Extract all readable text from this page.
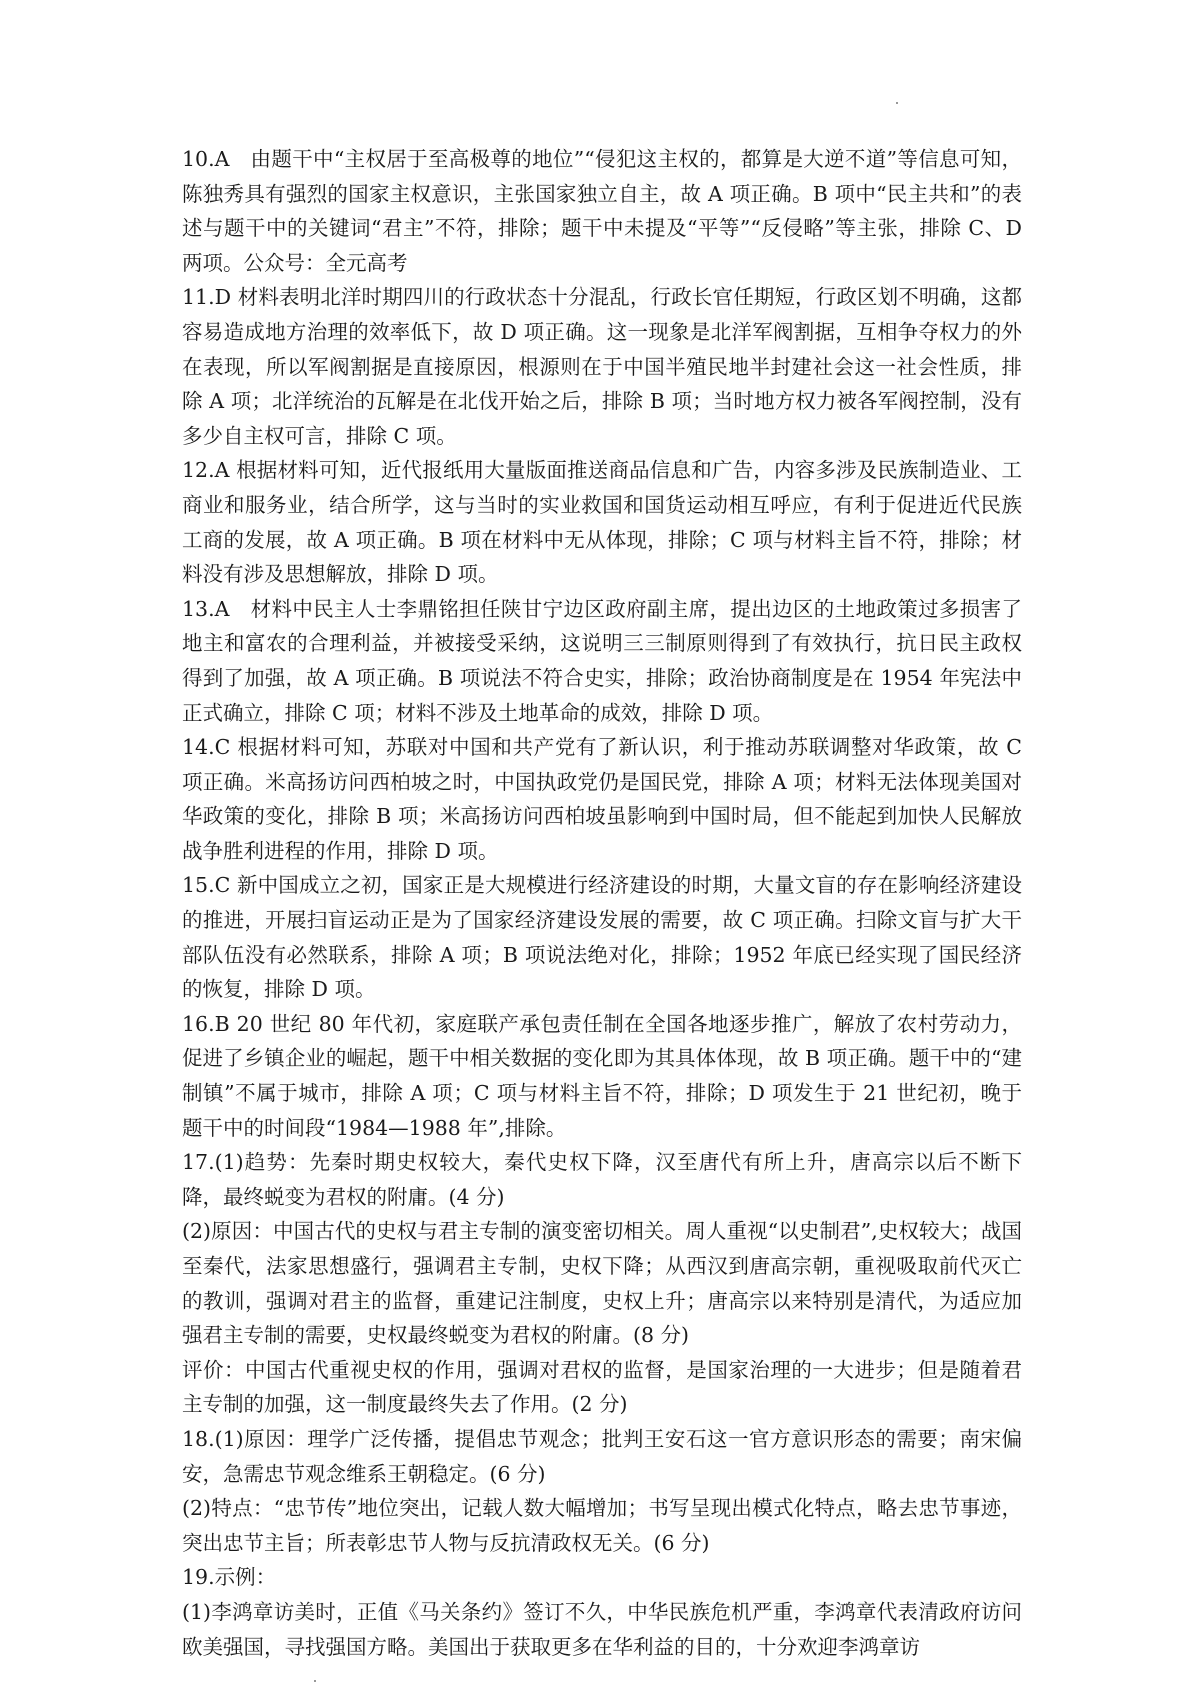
10.A　由题干中“主权居于至高极尊的地位”“侵犯这主权的，都算是大逆不道”等信息可知，陈独秀具有强烈的国家主权意识，主张国家独立自主，故 A 项正确。B 项中“民主共和”的表述与题干中的关键词“君主”不符，排除；题干中未提及“平等”“反侵略”等主张，排除 C、D 两项。公众号：全元高考

11.D 材料表明北洋时期四川的行政状态十分混乱，行政长官任期短，行政区划不明确，这都容易造成地方治理的效率低下，故 D 项正确。这一现象是北洋军阀割据，互相争夺权力的外在表现，所以军阀割据是直接原因，根源则在于中国半殖民地半封建社会这一社会性质，排除 A 项；北洋统治的瓦解是在北伐开始之后，排除 B 项；当时地方权力被各军阀控制，没有多少自主权可言，排除 C 项。

12.A 根据材料可知，近代报纸用大量版面推送商品信息和广告，内容多涉及民族制造业、工商业和服务业，结合所学，这与当时的实业救国和国货运动相互呼应，有利于促进近代民族工商的发展，故 A 项正确。B 项在材料中无从体现，排除；C 项与材料主旨不符，排除；材料没有涉及思想解放，排除 D 项。

13.A　材料中民主人士李鼎铭担任陕甘宁边区政府副主席，提出边区的土地政策过多损害了地主和富农的合理利益，并被接受采纳，这说明三三制原则得到了有效执行，抗日民主政权得到了加强，故 A 项正确。B 项说法不符合史实，排除；政治协商制度是在 1954 年宪法中正式确立，排除 C 项；材料不涉及土地革命的成效，排除 D 项。

14.C 根据材料可知，苏联对中国和共产党有了新认识，利于推动苏联调整对华政策，故 C 项正确。米高扬访问西柏坡之时，中国执政党仍是国民党，排除 A 项；材料无法体现美国对华政策的变化，排除 B 项；米高扬访问西柏坡虽影响到中国时局，但不能起到加快人民解放战争胜利进程的作用，排除 D 项。

15.C 新中国成立之初，国家正是大规模进行经济建设的时期，大量文盲的存在影响经济建设的推进，开展扫盲运动正是为了国家经济建设发展的需要，故 C 项正确。扫除文盲与扩大干部队伍没有必然联系，排除 A 项；B 项说法绝对化，排除；1952 年底已经实现了国民经济的恢复，排除 D 项。

16.B 20 世纪 80 年代初，家庭联产承包责任制在全国各地逐步推广，解放了农村劳动力，促进了乡镇企业的崛起，题干中相关数据的变化即为其具体体现，故 B 项正确。题干中的“建制镇”不属于城市，排除 A 项；C 项与材料主旨不符，排除；D 项发生于 21 世纪初，晚于题干中的时间段“1984—1988 年”,排除。

17.(1)趋势：先秦时期史权较大，秦代史权下降，汉至唐代有所上升，唐高宗以后不断下降，最终蜕变为君权的附庸。(4 分)

(2)原因：中国古代的史权与君主专制的演变密切相关。周人重视“以史制君”,史权较大；战国至秦代，法家思想盛行，强调君主专制，史权下降；从西汉到唐高宗朝，重视吸取前代灭亡的教训，强调对君主的监督，重建记注制度，史权上升；唐高宗以来特别是清代，为适应加强君主专制的需要，史权最终蜕变为君权的附庸。(8 分)

评价：中国古代重视史权的作用，强调对君权的监督，是国家治理的一大进步；但是随着君主专制的加强，这一制度最终失去了作用。(2 分)

18.(1)原因：理学广泛传播，提倡忠节观念；批判王安石这一官方意识形态的需要；南宋偏安，急需忠节观念维系王朝稳定。(6 分)

(2)特点：“忠节传”地位突出，记载人数大幅增加；书写呈现出模式化特点，略去忠节事迹，突出忠节主旨；所表彰忠节人物与反抗清政权无关。(6 分)

19.示例：

(1)李鸿章访美时，正值《马关条约》签订不久，中华民族危机严重，李鸿章代表清政府访问欧美强国，寻找强国方略。美国出于获取更多在华利益的目的，十分欢迎李鸿章访
